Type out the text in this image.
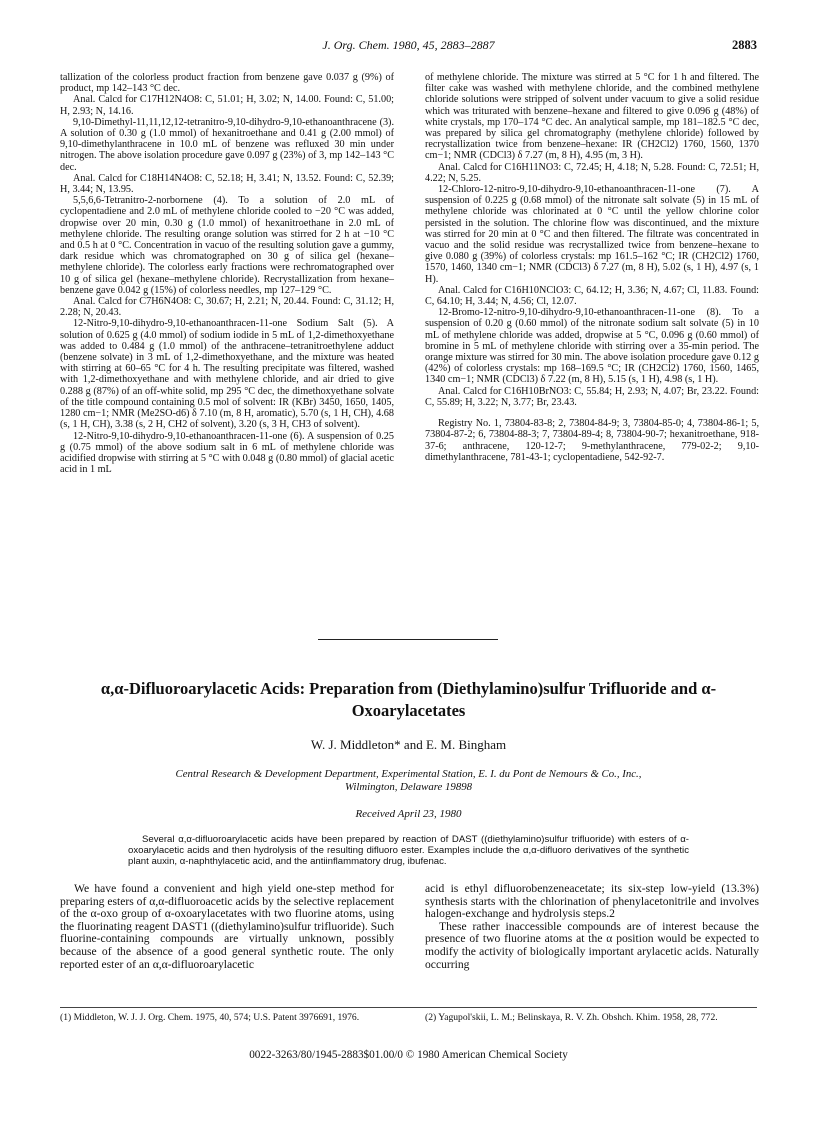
J. Org. Chem. 1980, 45, 2883–2887	2883

tallization of the colorless product fraction from benzene gave 0.037 g (9%) of product, mp 142–143 °C dec.

Anal. Calcd for C17H12N4O8: C, 51.01; H, 3.02; N, 14.00. Found: C, 51.00; H, 2.93; N, 14.16.

9,10-Dimethyl-11,11,12,12-tetranitro-9,10-dihydro-9,10-ethanoanthracene (3). A solution of 0.30 g (1.0 mmol) of hexanitroethane and 0.41 g (2.00 mmol) of 9,10-dimethylanthracene in 10.0 mL of benzene was refluxed 30 min under nitrogen. The above isolation procedure gave 0.097 g (23%) of 3, mp 142–143 °C dec.

Anal. Calcd for C18H14N4O8: C, 52.18; H, 3.41; N, 13.52. Found: C, 52.39; H, 3.44; N, 13.95.

5,5,6,6-Tetranitro-2-norbornene (4). To a solution of 2.0 mL of cyclopentadiene and 2.0 mL of methylene chloride cooled to −20 °C was added, dropwise over 20 min, 0.30 g (1.0 mmol) of hexanitroethane in 2.0 mL of methylene chloride. The resulting orange solution was stirred for 2 h at −10 °C and 0.5 h at 0 °C. Concentration in vacuo of the resulting solution gave a gummy, dark residue which was chromatographed on 30 g of silica gel (hexane–methylene chloride). The colorless early fractions were rechromatographed over 10 g of silica gel (hexane–methylene chloride). Recrystallization from hexane–benzene gave 0.042 g (15%) of colorless needles, mp 127–129 °C.

Anal. Calcd for C7H6N4O8: C, 30.67; H, 2.21; N, 20.44. Found: C, 31.12; H, 2.28; N, 20.43.

12-Nitro-9,10-dihydro-9,10-ethanoanthracen-11-one Sodium Salt (5). A solution of 0.625 g (4.0 mmol) of sodium iodide in 5 mL of 1,2-dimethoxyethane was added to 0.484 g (1.0 mmol) of the anthracene–tetranitroethylene adduct (benzene solvate) in 3 mL of 1,2-dimethoxyethane, and the mixture was heated with stirring at 60–65 °C for 4 h. The resulting precipitate was filtered, washed with 1,2-dimethoxyethane and with methylene chloride, and air dried to give 0.288 g (87%) of an off-white solid, mp 295 °C dec, the dimethoxyethane solvate of the title compound containing 0.5 mol of solvent: IR (KBr) 3450, 1650, 1405, 1280 cm−1; NMR (Me2SO-d6) δ 7.10 (m, 8 H, aromatic), 5.70 (s, 1 H, CH), 4.68 (s, 1 H, CH), 3.38 (s, 2 H, CH2 of solvent), 3.20 (s, 3 H, CH3 of solvent).

12-Nitro-9,10-dihydro-9,10-ethanoanthracen-11-one (6). A suspension of 0.25 g (0.75 mmol) of the above sodium salt in 6 mL of methylene chloride was acidified dropwise with stirring at 5 °C with 0.048 g (0.80 mmol) of glacial acetic acid in 1 mL

of methylene chloride. The mixture was stirred at 5 °C for 1 h and filtered. The filter cake was washed with methylene chloride, and the combined methylene chloride solutions were stripped of solvent under vacuum to give a solid residue which was triturated with benzene–hexane and filtered to give 0.096 g (48%) of white crystals, mp 170–174 °C dec. An analytical sample, mp 181–182.5 °C dec, was prepared by silica gel chromatography (methylene chloride) followed by recrystallization twice from benzene–hexane: IR (CH2Cl2) 1760, 1560, 1370 cm−1; NMR (CDCl3) δ 7.27 (m, 8 H), 4.95 (m, 3 H).

Anal. Calcd for C16H11NO3: C, 72.45; H, 4.18; N, 5.28. Found: C, 72.51; H, 4.22; N, 5.25.

12-Chloro-12-nitro-9,10-dihydro-9,10-ethanoanthracen-11-one (7). A suspension of 0.225 g (0.68 mmol) of the nitronate salt solvate (5) in 15 mL of methylene chloride was chlorinated at 0 °C until the yellow chlorine color persisted in the solution. The chlorine flow was discontinued, and the mixture was stirred for 20 min at 0 °C and then filtered. The filtrate was concentrated in vacuo and the solid residue was recrystallized twice from benzene–hexane to give 0.080 g (39%) of colorless crystals: mp 161.5–162 °C; IR (CH2Cl2) 1760, 1570, 1460, 1340 cm−1; NMR (CDCl3) δ 7.27 (m, 8 H), 5.02 (s, 1 H), 4.97 (s, 1 H).

Anal. Calcd for C16H10NClO3: C, 64.12; H, 3.36; N, 4.67; Cl, 11.83. Found: C, 64.10; H, 3.44; N, 4.56; Cl, 12.07.

12-Bromo-12-nitro-9,10-dihydro-9,10-ethanoanthracen-11-one (8). To a suspension of 0.20 g (0.60 mmol) of the nitronate sodium salt solvate (5) in 10 mL of methylene chloride was added, dropwise at 5 °C, 0.096 g (0.60 mmol) of bromine in 5 mL of methylene chloride with stirring over a 35-min period. The orange mixture was stirred for 30 min. The above isolation procedure gave 0.12 g (42%) of colorless crystals: mp 168–169.5 °C; IR (CH2Cl2) 1760, 1560, 1465, 1340 cm−1; NMR (CDCl3) δ 7.22 (m, 8 H), 5.15 (s, 1 H), 4.98 (s, 1 H).

Anal. Calcd for C16H10BrNO3: C, 55.84; H, 2.93; N, 4.07; Br, 23.22. Found: C, 55.89; H, 3.22; N, 3.77; Br, 23.43.

Registry No. 1, 73804-83-8; 2, 73804-84-9; 3, 73804-85-0; 4, 73804-86-1; 5, 73804-87-2; 6, 73804-88-3; 7, 73804-89-4; 8, 73804-90-7; hexanitroethane, 918-37-6; anthracene, 120-12-7; 9-methylanthracene, 779-02-2; 9,10-dimethylanthracene, 781-43-1; cyclopentadiene, 542-92-7.

α,α-Difluoroarylacetic Acids: Preparation from (Diethylamino)sulfur Trifluoride and α-Oxoarylacetates
W. J. Middleton* and E. M. Bingham
Central Research & Development Department, Experimental Station, E. I. du Pont de Nemours & Co., Inc.,
Wilmington, Delaware 19898
Received April 23, 1980

Several α,α-difluoroarylacetic acids have been prepared by reaction of DAST ((diethylamino)sulfur trifluoride) with esters of α-oxoarylacetic acids and then hydrolysis of the resulting difluoro ester. Examples include the α,α-difluoro derivatives of the synthetic plant auxin, α-naphthylacetic acid, and the antiinflammatory drug, ibufenac.

We have found a convenient and high yield one-step method for preparing esters of α,α-difluoroacetic acids by the selective replacement of the α-oxo group of α-oxoarylacetates with two fluorine atoms, using the fluorinating reagent DAST1 ((diethylamino)sulfur trifluoride). Such fluorine-containing compounds are virtually unknown, possibly because of the absence of a good general synthetic route. The only reported ester of an α,α-difluoroarylacetic

acid is ethyl difluorobenzeneacetate; its six-step low-yield (13.3%) synthesis starts with the chlorination of phenylacetonitrile and involves halogen-exchange and hydrolysis steps.2

These rather inaccessible compounds are of interest because the presence of two fluorine atoms at the α position would be expected to modify the activity of biologically important arylacetic acids. Naturally occurring

(1) Middleton, W. J. J. Org. Chem. 1975, 40, 574; U.S. Patent 3976691, 1976.	(2) Yagupol'skii, L. M.; Belinskaya, R. V. Zh. Obshch. Khim. 1958, 28, 772.
0022-3263/80/1945-2883$01.00/0 © 1980 American Chemical Society
